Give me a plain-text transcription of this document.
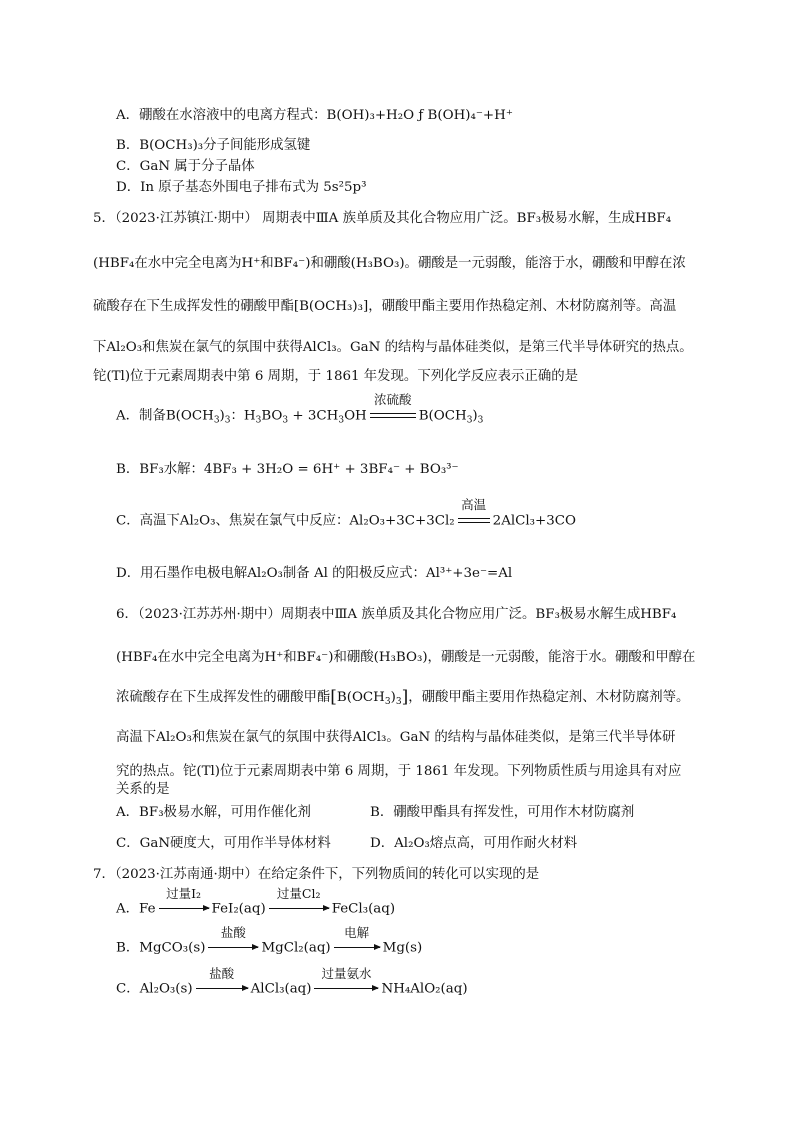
A．硼酸在水溶液中的电离方程式：B(OH)₃+H₂O ƒ B(OH)₄⁻+H⁺
B．B(OCH₃)₃分子间能形成氢键
C．GaN 属于分子晶体
D．In 原子基态外围电子排布式为 5s²5p³
5．（2023·江苏镇江·期中） 周期表中ⅢA 族单质及其化合物应用广泛。BF₃极易水解，生成HBF₄
(HBF₄在水中完全电离为H⁺和BF₄⁻)和硼酸(H₃BO₃)。硼酸是一元弱酸，能溶于水，硼酸和甲醇在浓
硫酸存在下生成挥发性的硼酸甲酯[B(OCH₃)₃]，硼酸甲酯主要用作热稳定剂、木材防腐剂等。高温
下Al₂O₃和焦炭在氯气的氛围中获得AlCl₃。GaN 的结构与晶体硅类似，是第三代半导体研究的热点。
铊(Tl)位于元素周期表中第 6 周期，于 1861 年发现。下列化学反应表示正确的是
A．制备$B(OCH_3)_3$：$H_3BO_3 + 3CH_3OH$
浓硫酸
$B(OCH_3)_3$
B．BF₃水解：4BF₃ + 3H₂O = 6H⁺ + 3BF₄⁻ + BO₃³⁻
C．高温下Al₂O₃、焦炭在氯气中反应：Al₂O₃+3C+3Cl₂
高温
2AlCl₃+3CO
D．用石墨作电极电解Al₂O₃制备 Al 的阳极反应式：Al³⁺+3e⁻=Al
6．（2023·江苏苏州·期中）周期表中ⅢA 族单质及其化合物应用广泛。BF₃极易水解生成HBF₄
(HBF₄在水中完全电离为H⁺和BF₄⁻)和硼酸(H₃BO₃)，硼酸是一元弱酸，能溶于水。硼酸和甲醇在
浓硫酸存在下生成挥发性的硼酸甲酯$[B(OCH_3)_3]$，硼酸甲酯主要用作热稳定剂、木材防腐剂等。
高温下Al₂O₃和焦炭在氯气的氛围中获得AlCl₃。GaN 的结构与晶体硅类似，是第三代半导体研
究的热点。铊(Tl)位于元素周期表中第 6 周期，于 1861 年发现。下列物质性质与用途具有对应
关系的是
A．BF₃极易水解，可用作催化剂	B．硼酸甲酯具有挥发性，可用作木材防腐剂
C．GaN硬度大，可用作半导体材料	D．Al₂O₃熔点高，可用作耐火材料
7．（2023·江苏南通·期中）在给定条件下，下列物质间的转化可以实现的是
A．Fe
过量I₂
FeI₂(aq)
过量Cl₂
FeCl₃(aq)
B．MgCO₃(s)
盐酸
MgCl₂(aq)
电解
Mg(s)
C．Al₂O₃(s)
盐酸
AlCl₃(aq)
过量氨水
NH₄AlO₂(aq)
